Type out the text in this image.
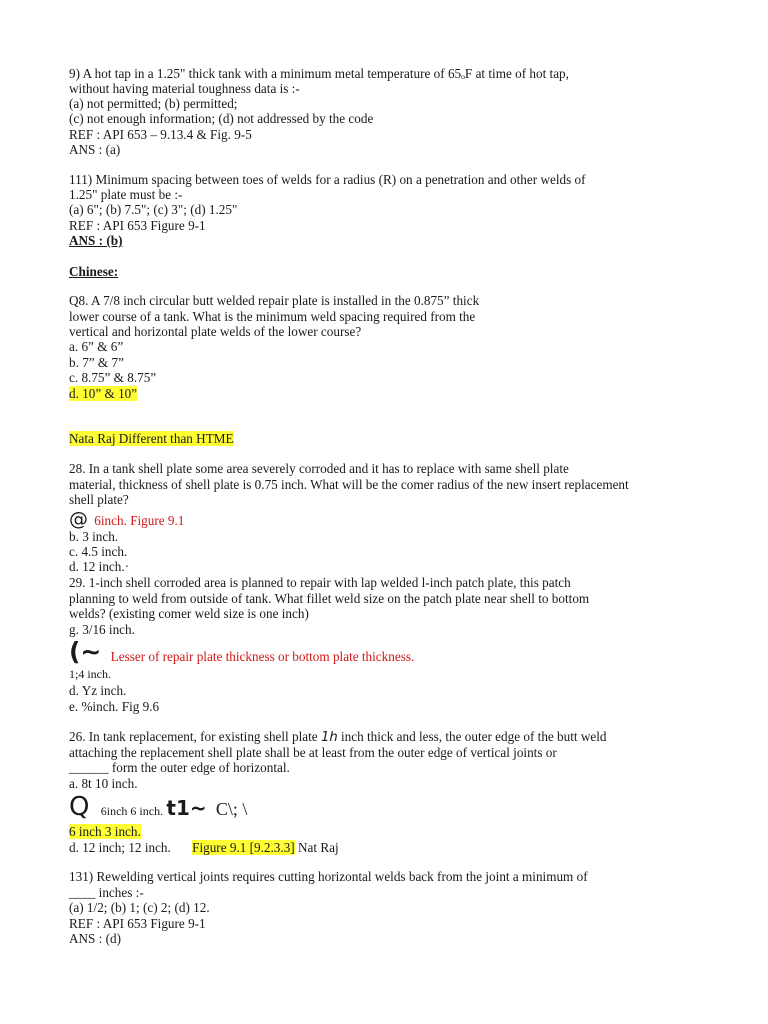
9) A hot tap in a 1.25" thick tank with a minimum metal temperature of 65ₒF at time of hot tap,
without having material toughness data is :-
(a) not permitted; (b) permitted;
(c) not enough information; (d) not addressed by the code
REF : API 653 – 9.13.4 & Fig. 9-5
ANS : (a)
111) Minimum spacing between toes of welds for a radius (R) on a penetration and other welds of
1.25" plate must be :-
(a) 6"; (b) 7.5"; (c) 3"; (d) 1.25"
REF : API 653 Figure 9-1
ANS : (b)
Chinese:
Q8. A 7/8 inch circular butt welded repair plate is installed in the 0.875” thick
lower course of a tank. What is the minimum weld spacing required from the
vertical and horizontal plate welds of the lower course?
a. 6” & 6”
b. 7” & 7”
c. 8.75” & 8.75”
d. 10” & 10”
Nata Raj Different than HTME
28. In a tank shell plate some area severely corroded and it has to replace with same shell plate
material, thickness of shell plate is 0.75 inch. What will be the comer radius of the new insert replacement
shell plate?
@ 6inch. Figure 9.1
b. 3 inch.
c. 4.5 inch.
d. 12 inch.·
29. 1-inch shell corroded area is planned to repair with lap welded l-inch patch plate, this patch
planning to weld from outside of tank. What fillet weld size on the patch plate near shell to bottom
welds? (existing comer weld size is one inch)
g. 3/16 inch.
(~ Lesser of repair plate thickness or bottom plate thickness.
1;4 inch.
d. Yz inch.
e. %inch. Fig 9.6
26. In tank replacement, for existing shell plate 1h inch thick and less, the outer edge of the butt weld
attaching the replacement shell plate shall be at least from the outer edge of vertical joints or
______ form the outer edge of horizontal.
a. 8t 10 inch.
Q 6inch 6 inch. t1~ C\; \
6 inch 3 inch.
d. 12 inch; 12 inch. Figure 9.1 [9.2.3.3] Nat Raj
131) Rewelding vertical joints requires cutting horizontal welds back from the joint a minimum of
____ inches :-
(a) 1/2; (b) 1; (c) 2; (d) 12.
REF : API 653 Figure 9-1
ANS : (d)
